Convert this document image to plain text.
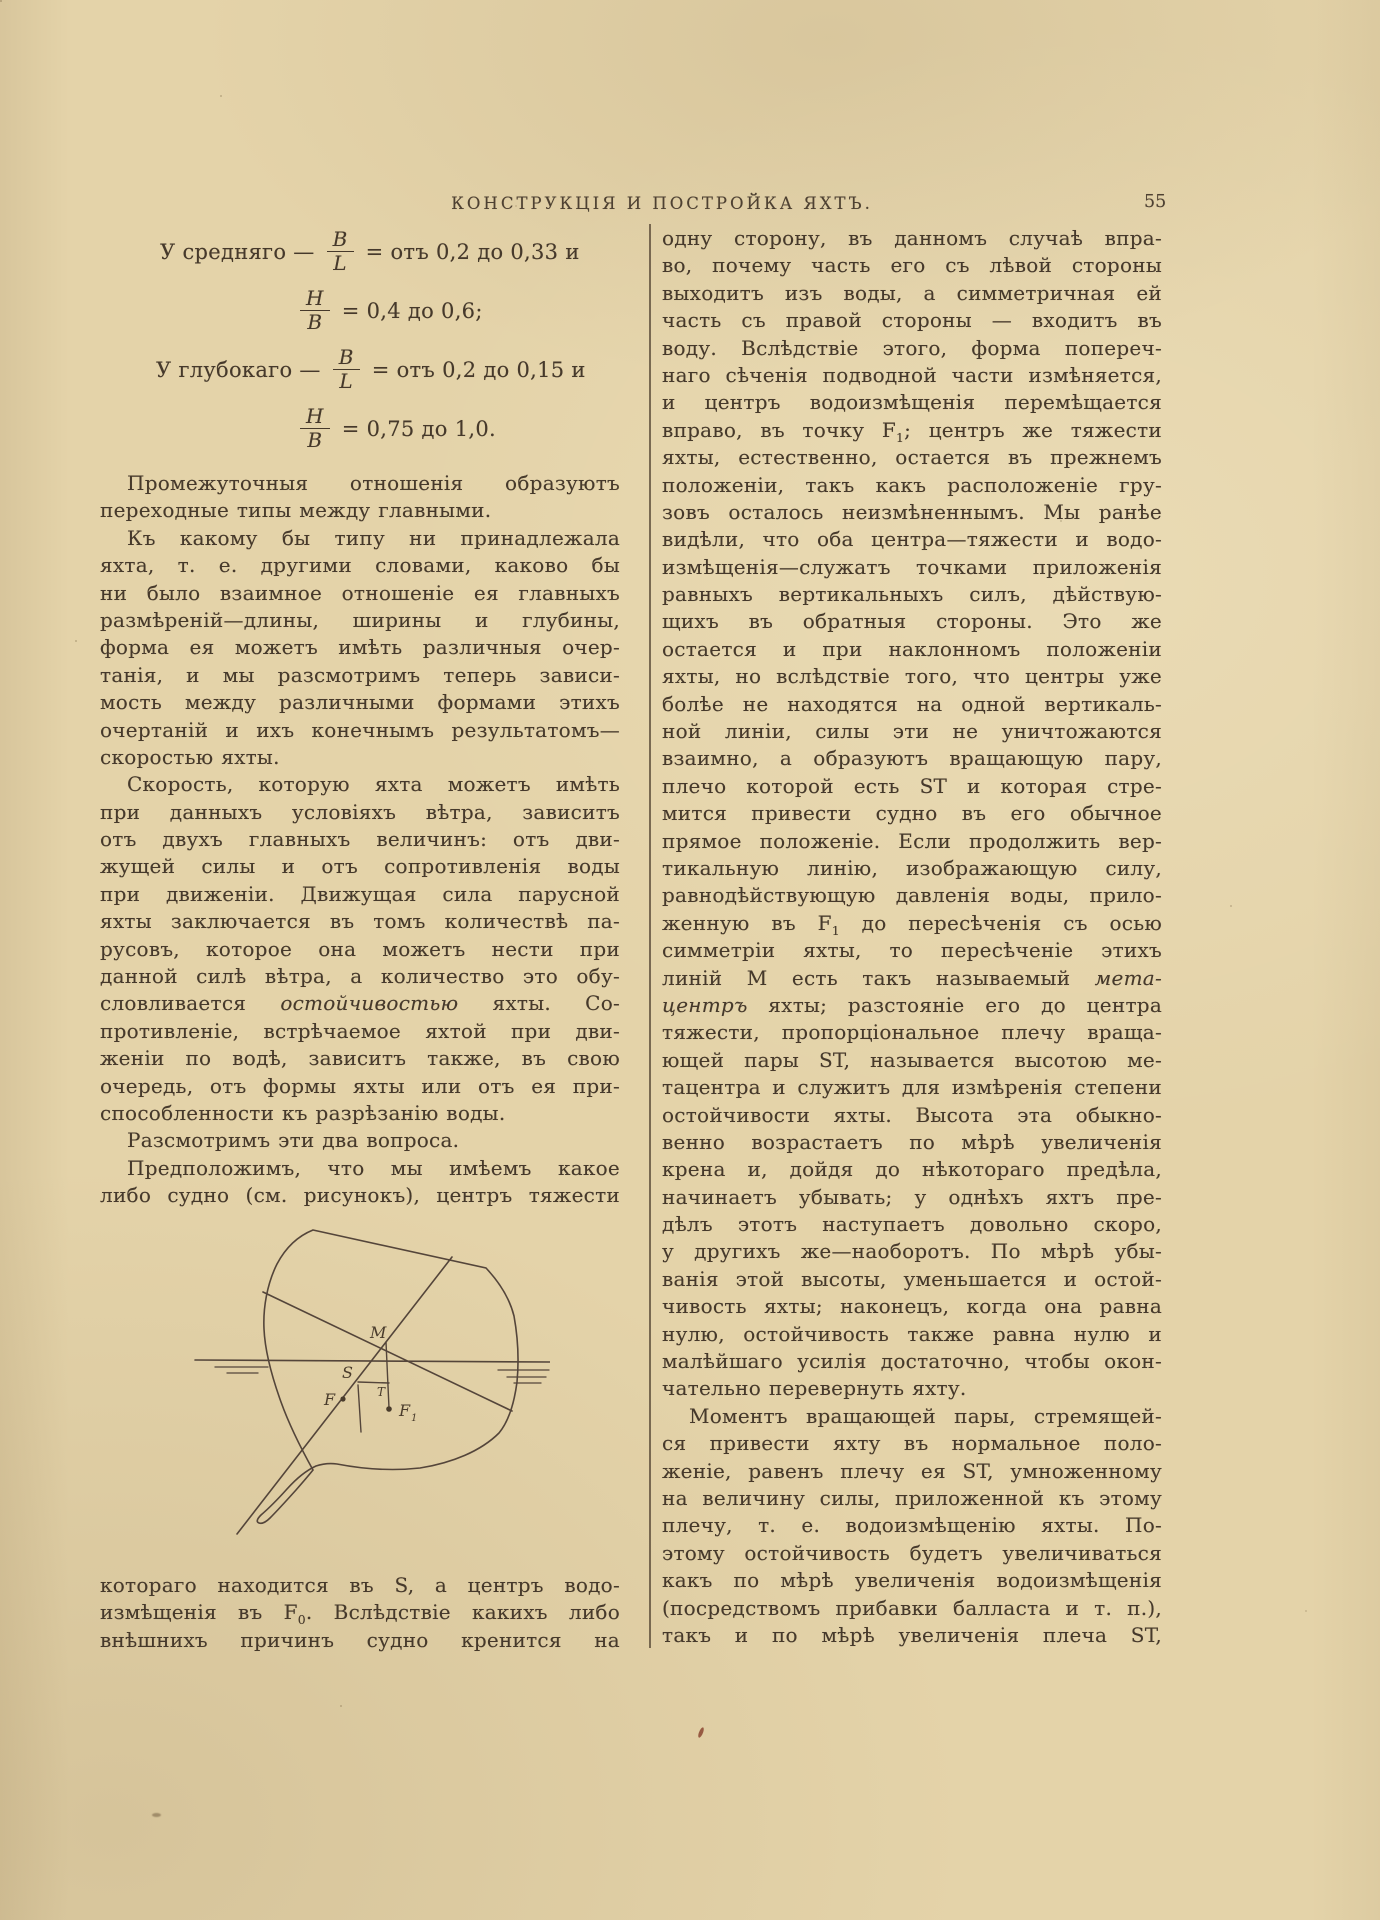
КОНСТРУКЦІЯ И ПОСТРОЙКА ЯХТЪ.	55
У средняго — $\frac{B}{L}$ = отъ 0,2 до 0,33 и
$\frac{H}{B} = 0,4$ до 0,6;
У глубокаго — $\frac{B}{L}$ = отъ 0,2 до 0,15 и
$\frac{H}{B} = 0,75$ до 1,0.
Промежуточныя отношенія образуютъ
переходные типы между главными.
Къ какому бы типу ни принадлежала
яхта, т. е. другими словами, каково бы
ни было взаимное отношеніе ея главныхъ
размѣреній—длины, ширины и глубины,
форма ея можетъ имѣть различныя очер-
танія, и мы разсмотримъ теперь зависи-
мость между различными формами этихъ
очертаній и ихъ конечнымъ результатомъ—
скоростью яхты.
Скорость, которую яхта можетъ имѣть
при данныхъ условіяхъ вѣтра, зависитъ
отъ двухъ главныхъ величинъ: отъ дви-
жущей силы и отъ сопротивленія воды
при движеніи. Движущая сила парусной
яхты заключается въ томъ количествѣ па-
русовъ, которое она можетъ нести при
данной силѣ вѣтра, а количество это обу-
словливается остойчивостью яхты. Со-
противленіе, встрѣчаемое яхтой при дви-
женіи по водѣ, зависитъ также, въ свою
очередь, отъ формы яхты или отъ ея при-
способленности къ разрѣзанію воды.
Разсмотримъ эти два вопроса.
Предположимъ, что мы имѣемъ какое
либо судно (см. рисунокъ), центръ тяжести
M
S
T
F
F 1
котораго находится въ S, а центръ водо-
измѣщенія въ $F_0$. Вслѣдствіе какихъ либо
внѣшнихъ причинъ судно кренится на
одну сторону, въ данномъ случаѣ впра-
во, почему часть его съ лѣвой стороны
выходитъ изъ воды, а симметричная ей
часть съ правой стороны — входитъ въ
воду. Вслѣдствіе этого, форма попереч-
наго сѣченія подводной части измѣняется,
и центръ водоизмѣщенія перемѣщается
вправо, въ точку $F_1$; центръ же тяжести
яхты, естественно, остается въ прежнемъ
положеніи, такъ какъ расположеніе гру-
зовъ осталось неизмѣненнымъ. Мы ранѣе
видѣли, что оба центра—тяжести и водо-
измѣщенія—служатъ точками приложенія
равныхъ вертикальныхъ силъ, дѣйствую-
щихъ въ обратныя стороны. Это же
остается и при наклонномъ положеніи
яхты, но вслѣдствіе того, что центры уже
болѣе не находятся на одной вертикаль-
ной линіи, силы эти не уничтожаются
взаимно, а образуютъ вращающую пару,
плечо которой есть ST и которая стре-
мится привести судно въ его обычное
прямое положеніе. Если продолжить вер-
тикальную линію, изображающую силу,
равнодѣйствующую давленія воды, прило-
женную въ $F_1$ до пересѣченія съ осью
симметріи яхты, то пересѣченіе этихъ
линій М есть такъ называемый мета-
центръ яхты; разстояніе его до центра
тяжести, пропорціональное плечу враща-
ющей пары ST, называется высотою ме-
тацентра и служитъ для измѣренія степени
остойчивости яхты. Высота эта обыкно-
венно возрастаетъ по мѣрѣ увеличенія
крена и, дойдя до нѣкотораго предѣла,
начинаетъ убывать; у однѣхъ яхтъ пре-
дѣлъ этотъ наступаетъ довольно скоро,
у другихъ же—наоборотъ. По мѣрѣ убы-
ванія этой высоты, уменьшается и остой-
чивость яхты; наконецъ, когда она равна
нулю, остойчивость также равна нулю и
малѣйшаго усилія достаточно, чтобы окон-
чательно перевернуть яхту.
Моментъ вращающей пары, стремящей-
ся привести яхту въ нормальное поло-
женіе, равенъ плечу ея ST, умноженному
на величину силы, приложенной къ этому
плечу, т. е. водоизмѣщенію яхты. По-
этому остойчивость будетъ увеличиваться
какъ по мѣрѣ увеличенія водоизмѣщенія
(посредствомъ прибавки балласта и т. п.),
такъ и по мѣрѣ увеличенія плеча ST,
